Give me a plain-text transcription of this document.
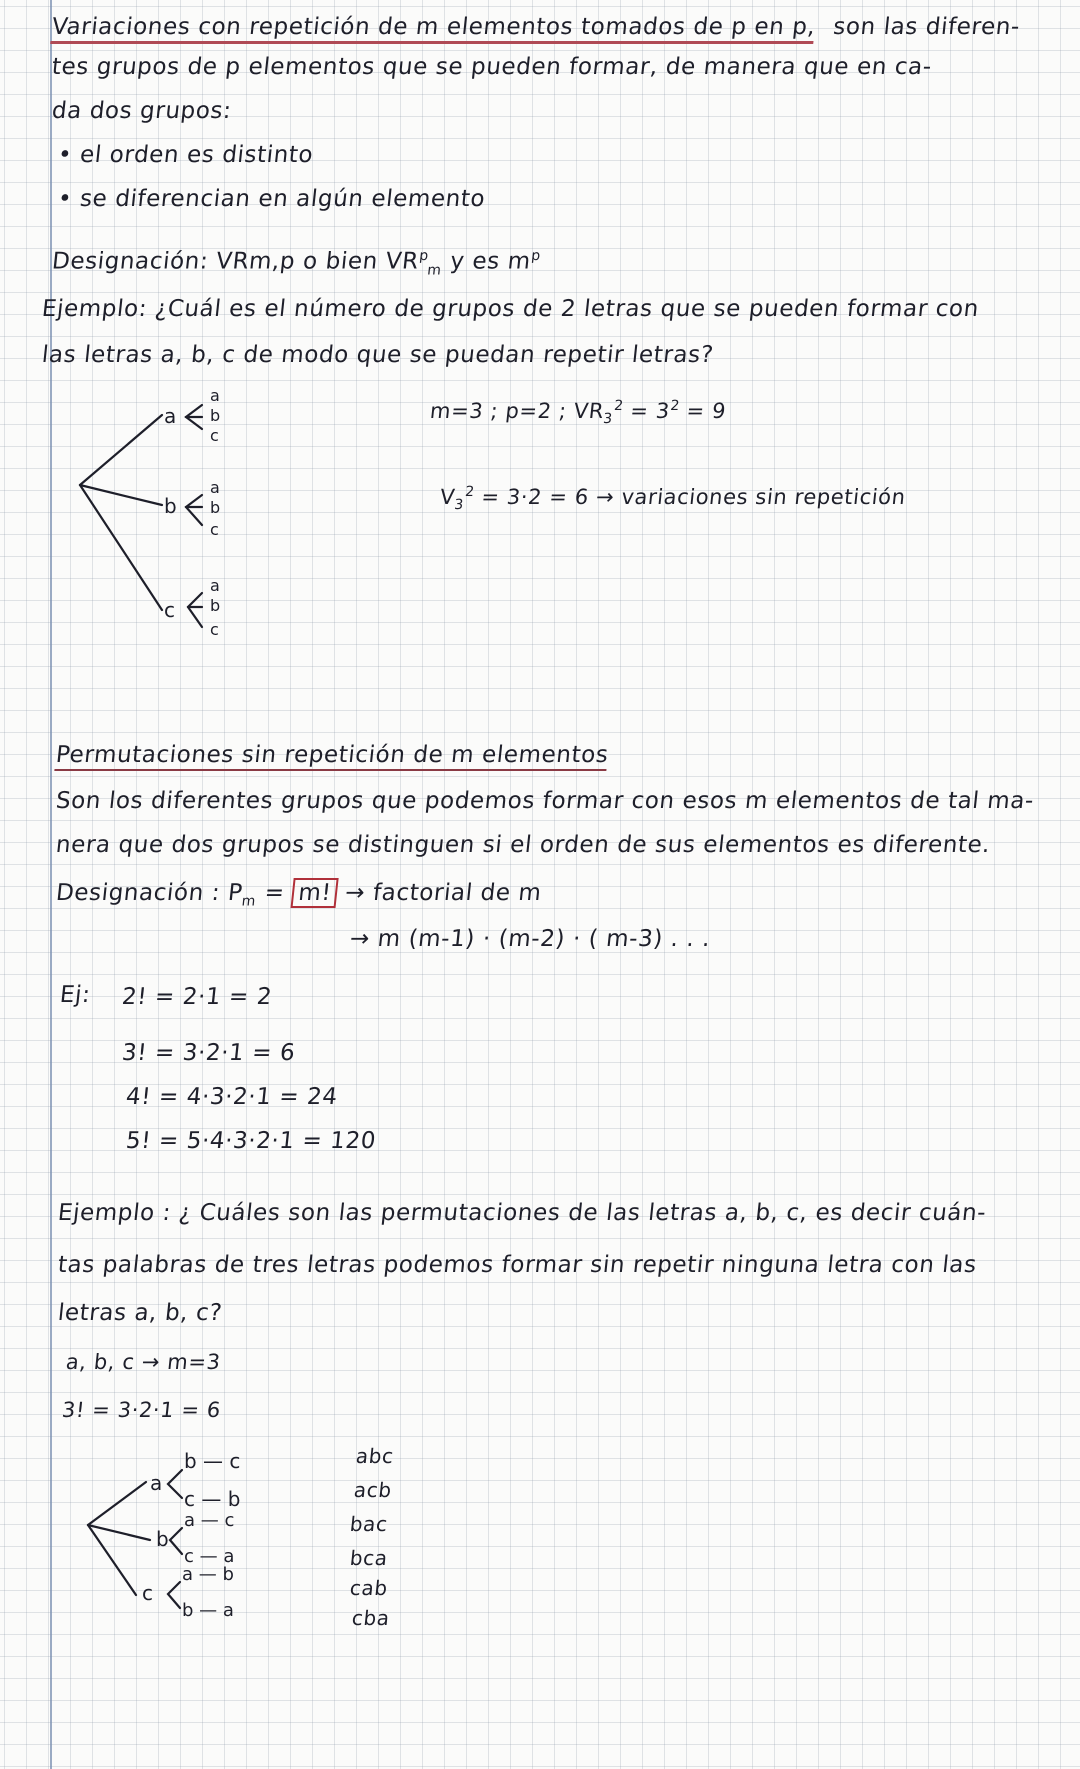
Variaciones con repetición de m elementos tomados de p en p, son las diferen-
tes grupos de p elementos que se pueden formar, de manera que en ca-
da dos grupos:
• el orden es distinto
• se diferencian en algún elemento
Designación: VRm,p o bien $VR^p_m$ y es $m^p$
Ejemplo: ¿Cuál es el número de grupos de 2 letras que se pueden formar con
las letras a, b, c de modo que se puedan repetir letras?
a
b
c
a
b
c
a
b
c
a
b
c
m=3 ; p=2 ; $VR_3^2 = 3^2 = 9$
$V_3^2 = 3\cdot 2 = 6$ → variaciones sin repetición
Permutaciones sin repetición de m elementos
Son los diferentes grupos que podemos formar con esos m elementos de tal ma-
nera que dos grupos se distinguen si el orden de sus elementos es diferente.
Designación : $P_m = m$! → factorial de m
→ m (m-1) · (m-2) · ( m-3) . . .
Ej: 2! = 2·1 = 2
3! = 3·2·1 = 6
4! = 4·3·2·1 = 24
5! = 5·4·3·2·1 = 120
Ejemplo : ¿ Cuáles son las permutaciones de las letras a, b, c, es decir cuán-
tas palabras de tres letras podemos formar sin repetir ninguna letra con las
letras a, b, c?
a, b, c → m=3
3! = 3·2·1 = 6
a
b
c
b — c
c — b
a — c
c — a
a — b
b — a
abc
acb
bac
bca
cab
cba
